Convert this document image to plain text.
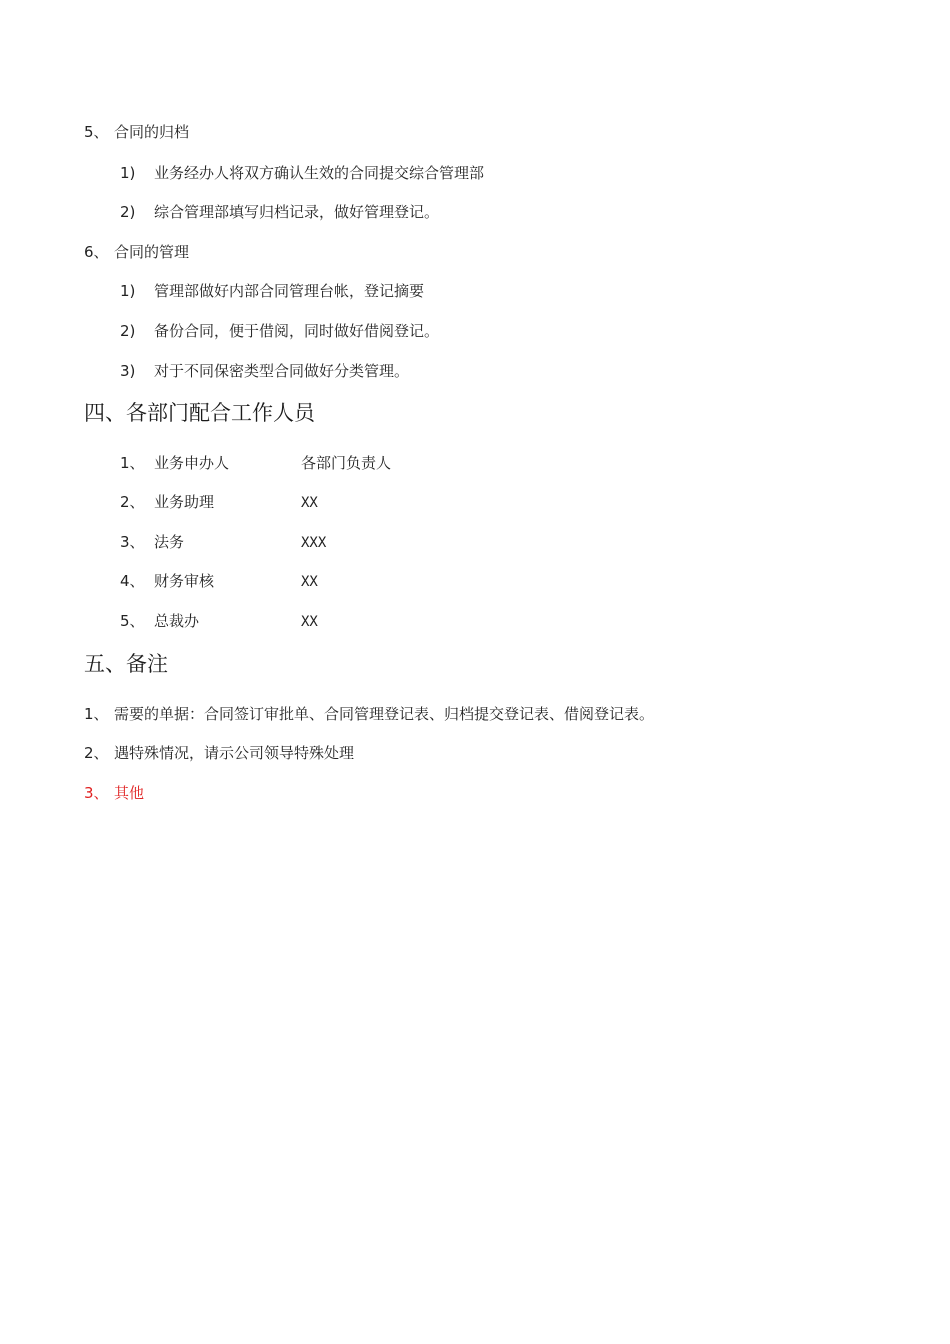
5、 合同的归档
1) 业务经办人将双方确认生效的合同提交综合管理部
2) 综合管理部填写归档记录，做好管理登记。
6、 合同的管理
1) 管理部做好内部合同管理台帐，登记摘要
2) 备份合同，便于借阅，同时做好借阅登记。
3) 对于不同保密类型合同做好分类管理。
四、各部门配合工作人员
1、 业务申办人	各部门负责人
2、 业务助理	XX
3、 法务	XXX
4、 财务审核	XX
5、 总裁办	XX
五、备注
1、 需要的单据：合同签订审批单、合同管理登记表、归档提交登记表、借阅登记表。
2、 遇特殊情况，请示公司领导特殊处理
3、 其他
